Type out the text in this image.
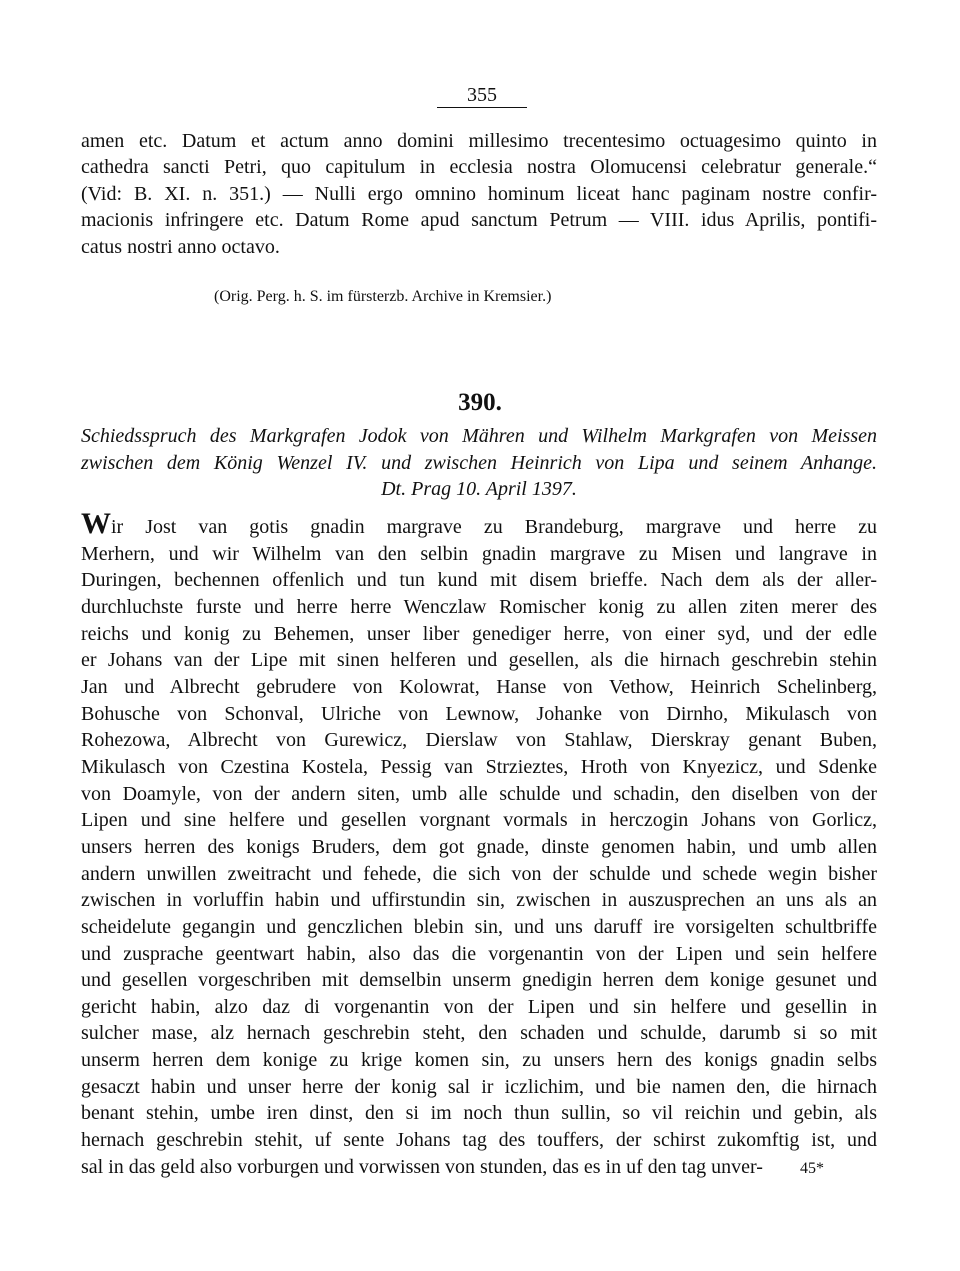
355
amen etc. Datum et actum anno domini millesimo trecentesimo octuagesimo quinto in
cathedra sancti Petri, quo capitulum in ecclesia nostra Olomucensi celebratur generale.“
(Vid: B. XI. n. 351.) — Nulli ergo omnino hominum liceat hanc paginam nostre confir-
macionis infringere etc. Datum Rome apud sanctum Petrum — VIII. idus Aprilis, pontifi-
catus nostri anno octavo.
(Orig. Perg. h. S. im fürsterzb. Archive in Kremsier.)
390.
Schiedsspruch des Markgrafen Jodok von Mähren und Wilhelm Markgrafen von Meissen
zwischen dem König Wenzel IV. und zwischen Heinrich von Lipa und seinem Anhange.
Dt. Prag 10. April 1397.
Wir Jost van gotis gnadin margrave zu Brandeburg, margrave und herre zu
Merhern, und wir Wilhelm van den selbin gnadin margrave zu Misen und langrave in
Duringen, bechennen offenlich und tun kund mit disem brieffe. Nach dem als der aller-
durchluchste furste und herre herre Wenczlaw Romischer konig zu allen ziten merer des
reichs und konig zu Behemen, unser liber genediger herre, von einer syd, und der edle
er Johans van der Lipe mit sinen helferen und gesellen, als die hirnach geschrebin stehin
Jan und Albrecht gebrudere von Kolowrat, Hanse von Vethow, Heinrich Schelinberg,
Bohusche von Schonval, Ulriche von Lewnow, Johanke von Dirnho, Mikulasch von
Rohezowa, Albrecht von Gurewicz, Dierslaw von Stahlaw, Dierskray genant Buben,
Mikulasch von Czestina Kostela, Pessig van Strzieztes, Hroth von Knyezicz, und Sdenke
von Doamyle, von der andern siten, umb alle schulde und schadin, den diselben von der
Lipen und sine helfere und gesellen vorgnant vormals in herczogin Johans von Gorlicz,
unsers herren des konigs Bruders, dem got gnade, dinste genomen habin, und umb allen
andern unwillen zweitracht und fehede, die sich von der schulde und schede wegin bisher
zwischen in vorluffin habin und uffirstundin sin, zwischen in auszusprechen an uns als an
scheidelute gegangin und genczlichen blebin sin, und uns daruff ire vorsigelten schultbriffe
und zusprache geentwart habin, also das die vorgenantin von der Lipen und sein helfere
und gesellen vorgeschriben mit demselbin unserm gnedigin herren dem konige gesunet und
gericht habin, alzo daz di vorgenantin von der Lipen und sin helfere und gesellin in
sulcher mase, alz hernach geschrebin steht, den schaden und schulde, darumb si so mit
unserm herren dem konige zu krige komen sin, zu unsers hern des konigs gnadin selbs
gesaczt habin und unser herre der konig sal ir iczlichim, und bie namen den, die hirnach
benant stehin, umbe iren dinst, den si im noch thun sullin, so vil reichin und gebin, als
hernach geschrebin stehit, uf sente Johans tag des touffers, der schirst zukomftig ist, und
sal in das geld also vorburgen und vorwissen von stunden, das es in uf den tag unver-	45*
